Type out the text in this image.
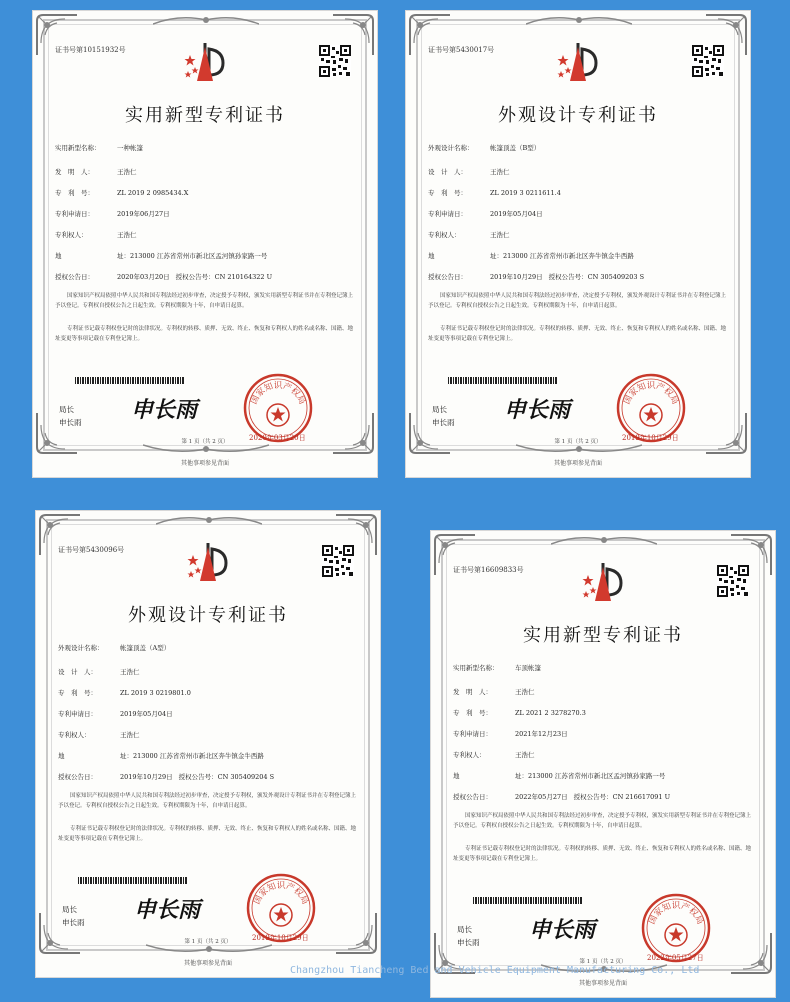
证书号第10151932号
实用新型专利证书
实用新型名称：	一种帐篷
发　明　人：	王浩仁
专　利　号：	ZL 2019 2 0985434.X
专利申请日：	2019年06月27日
专利权人：	王浩仁
地	址：213000 江苏省常州市新北区孟河镇孙家路一号
授权公告日：	2020年03月20日 授权公告号：CN 210164322 U
国家知识产权局依照中华人民共和国专利法经过初步审查，决定授予专利权，颁发实用新型专利证书并在专利登记簿上予以登记。专利权自授权公告之日起生效。专利权期限为十年，自申请日起算。
专利证书记载专利权登记时的法律状况。专利权的转移、质押、无效、终止、恢复和专利权人的姓名或名称、国籍、地址变更等事项记载在专利登记簿上。
局长
申长雨 申长雨	国家知识产权局
2020年03月20日
第 1 页（共 2 页）
其他事项参见背面
证书号第5430017号
外观设计专利证书
外观设计名称：	帐篷顶盖（B型）
设　计　人：	王浩仁
专　利　号：	ZL 2019 3 0211611.4
专利申请日：	2019年05月04日
专利权人：	王浩仁
地	址：213000 江苏省常州市新北区奔牛镇金牛西路
授权公告日：	2019年10月29日 授权公告号：CN 305409203 S
国家知识产权局依照中华人民共和国专利法经过初步审查，决定授予专利权，颁发外观设计专利证书并在专利登记簿上予以登记。专利权自授权公告之日起生效。专利权期限为十年，自申请日起算。
专利证书记载专利权登记时的法律状况。专利权的转移、质押、无效、终止、恢复和专利权人的姓名或名称、国籍、地址变更等事项记载在专利登记簿上。
局长
申长雨 申长雨	国家知识产权局
2019年10月29日
第 1 页（共 2 页）
其他事项参见背面
证书号第5430096号
外观设计专利证书
外观设计名称：	帐篷顶盖（A型）
设　计　人：	王浩仁
专　利　号：	ZL 2019 3 0219801.0
专利申请日：	2019年05月04日
专利权人：	王浩仁
地	址：213000 江苏省常州市新北区奔牛镇金牛西路
授权公告日：	2019年10月29日 授权公告号：CN 305409204 S
国家知识产权局依照中华人民共和国专利法经过初步审查，决定授予专利权，颁发外观设计专利证书并在专利登记簿上予以登记。专利权自授权公告之日起生效。专利权期限为十年，自申请日起算。
专利证书记载专利权登记时的法律状况。专利权的转移、质押、无效、终止、恢复和专利权人的姓名或名称、国籍、地址变更等事项记载在专利登记簿上。
局长
申长雨 申长雨	国家知识产权局
2019年10月29日
第 1 页（共 2 页）
其他事项参见背面
证书号第16609833号
实用新型专利证书
实用新型名称：	车顶帐篷
发　明　人：	王浩仁
专　利　号：	ZL 2021 2 3278270.3
专利申请日：	2021年12月23日
专利权人：	王浩仁
地	址：213000 江苏省常州市新北区孟河镇孙家路一号
授权公告日：	2022年05月27日 授权公告号：CN 216617091 U
国家知识产权局依照中华人民共和国专利法经过初步审查，决定授予专利权，颁发实用新型专利证书并在专利登记簿上予以登记。专利权自授权公告之日起生效。专利权期限为十年，自申请日起算。
专利证书记载专利权登记时的法律状况。专利权的转移、质押、无效、终止、恢复和专利权人的姓名或名称、国籍、地址变更等事项记载在专利登记簿上。
局长
申长雨 申长雨	国家知识产权局
2022年05月27日
第 1 页（共 2 页）
其他事项参见背面
Changzhou Tiancheng Bed and Vehicle Equipment Manufacturing Co., Ltd
